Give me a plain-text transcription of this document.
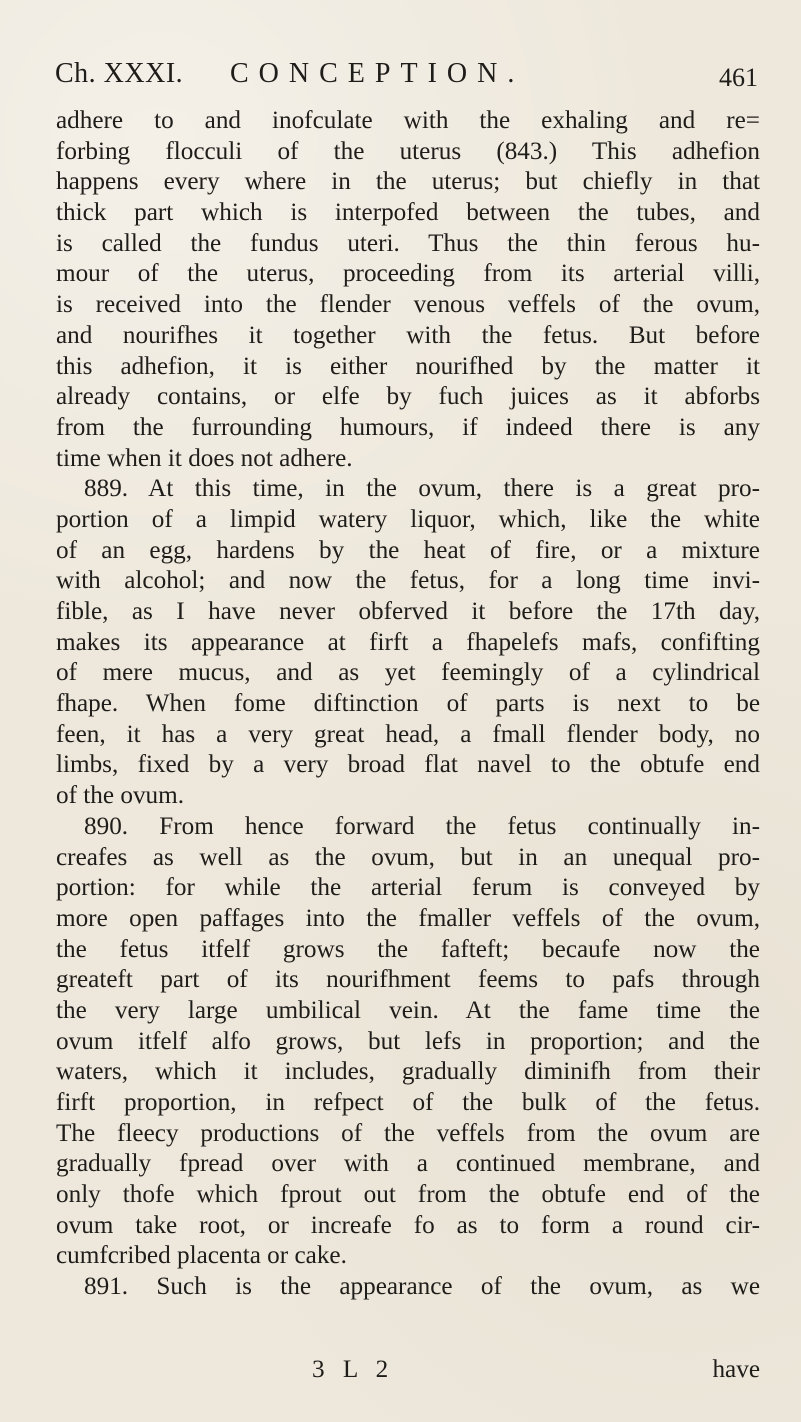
Ch. XXXI. CONCEPTION.	461
adhere to and inofculate with the exhaling and re=
forbing flocculi of the uterus (843.) This adhefion
happens every where in the uterus; but chiefly in that
thick part which is interpofed between the tubes, and
is called the fundus uteri. Thus the thin ferous hu-
mour of the uterus, proceeding from its arterial villi,
is received into the flender venous veffels of the ovum,
and nourifhes it together with the fetus. But before
this adhefion, it is either nourifhed by the matter it
already contains, or elfe by fuch juices as it abforbs
from the furrounding humours, if indeed there is any
time when it does not adhere.
889. At this time, in the ovum, there is a great pro-
portion of a limpid watery liquor, which, like the white
of an egg, hardens by the heat of fire, or a mixture
with alcohol; and now the fetus, for a long time invi-
fible, as I have never obferved it before the 17th day,
makes its appearance at firft a fhapelefs mafs, confifting
of mere mucus, and as yet feemingly of a cylindrical
fhape. When fome diftinction of parts is next to be
feen, it has a very great head, a fmall flender body, no
limbs, fixed by a very broad flat navel to the obtufe end
of the ovum.
890. From hence forward the fetus continually in-
creafes as well as the ovum, but in an unequal pro-
portion: for while the arterial ferum is conveyed by
more open paffages into the fmaller veffels of the ovum,
the fetus itfelf grows the fafteft; becaufe now the
greateft part of its nourifhment feems to pafs through
the very large umbilical vein. At the fame time the
ovum itfelf alfo grows, but lefs in proportion; and the
waters, which it includes, gradually diminifh from their
firft proportion, in refpect of the bulk of the fetus.
The fleecy productions of the veffels from the ovum are
gradually fpread over with a continued membrane, and
only thofe which fprout out from the obtufe end of the
ovum take root, or increafe fo as to form a round cir-
cumfcribed placenta or cake.
891. Such is the appearance of the ovum, as we
3 L 2	have
